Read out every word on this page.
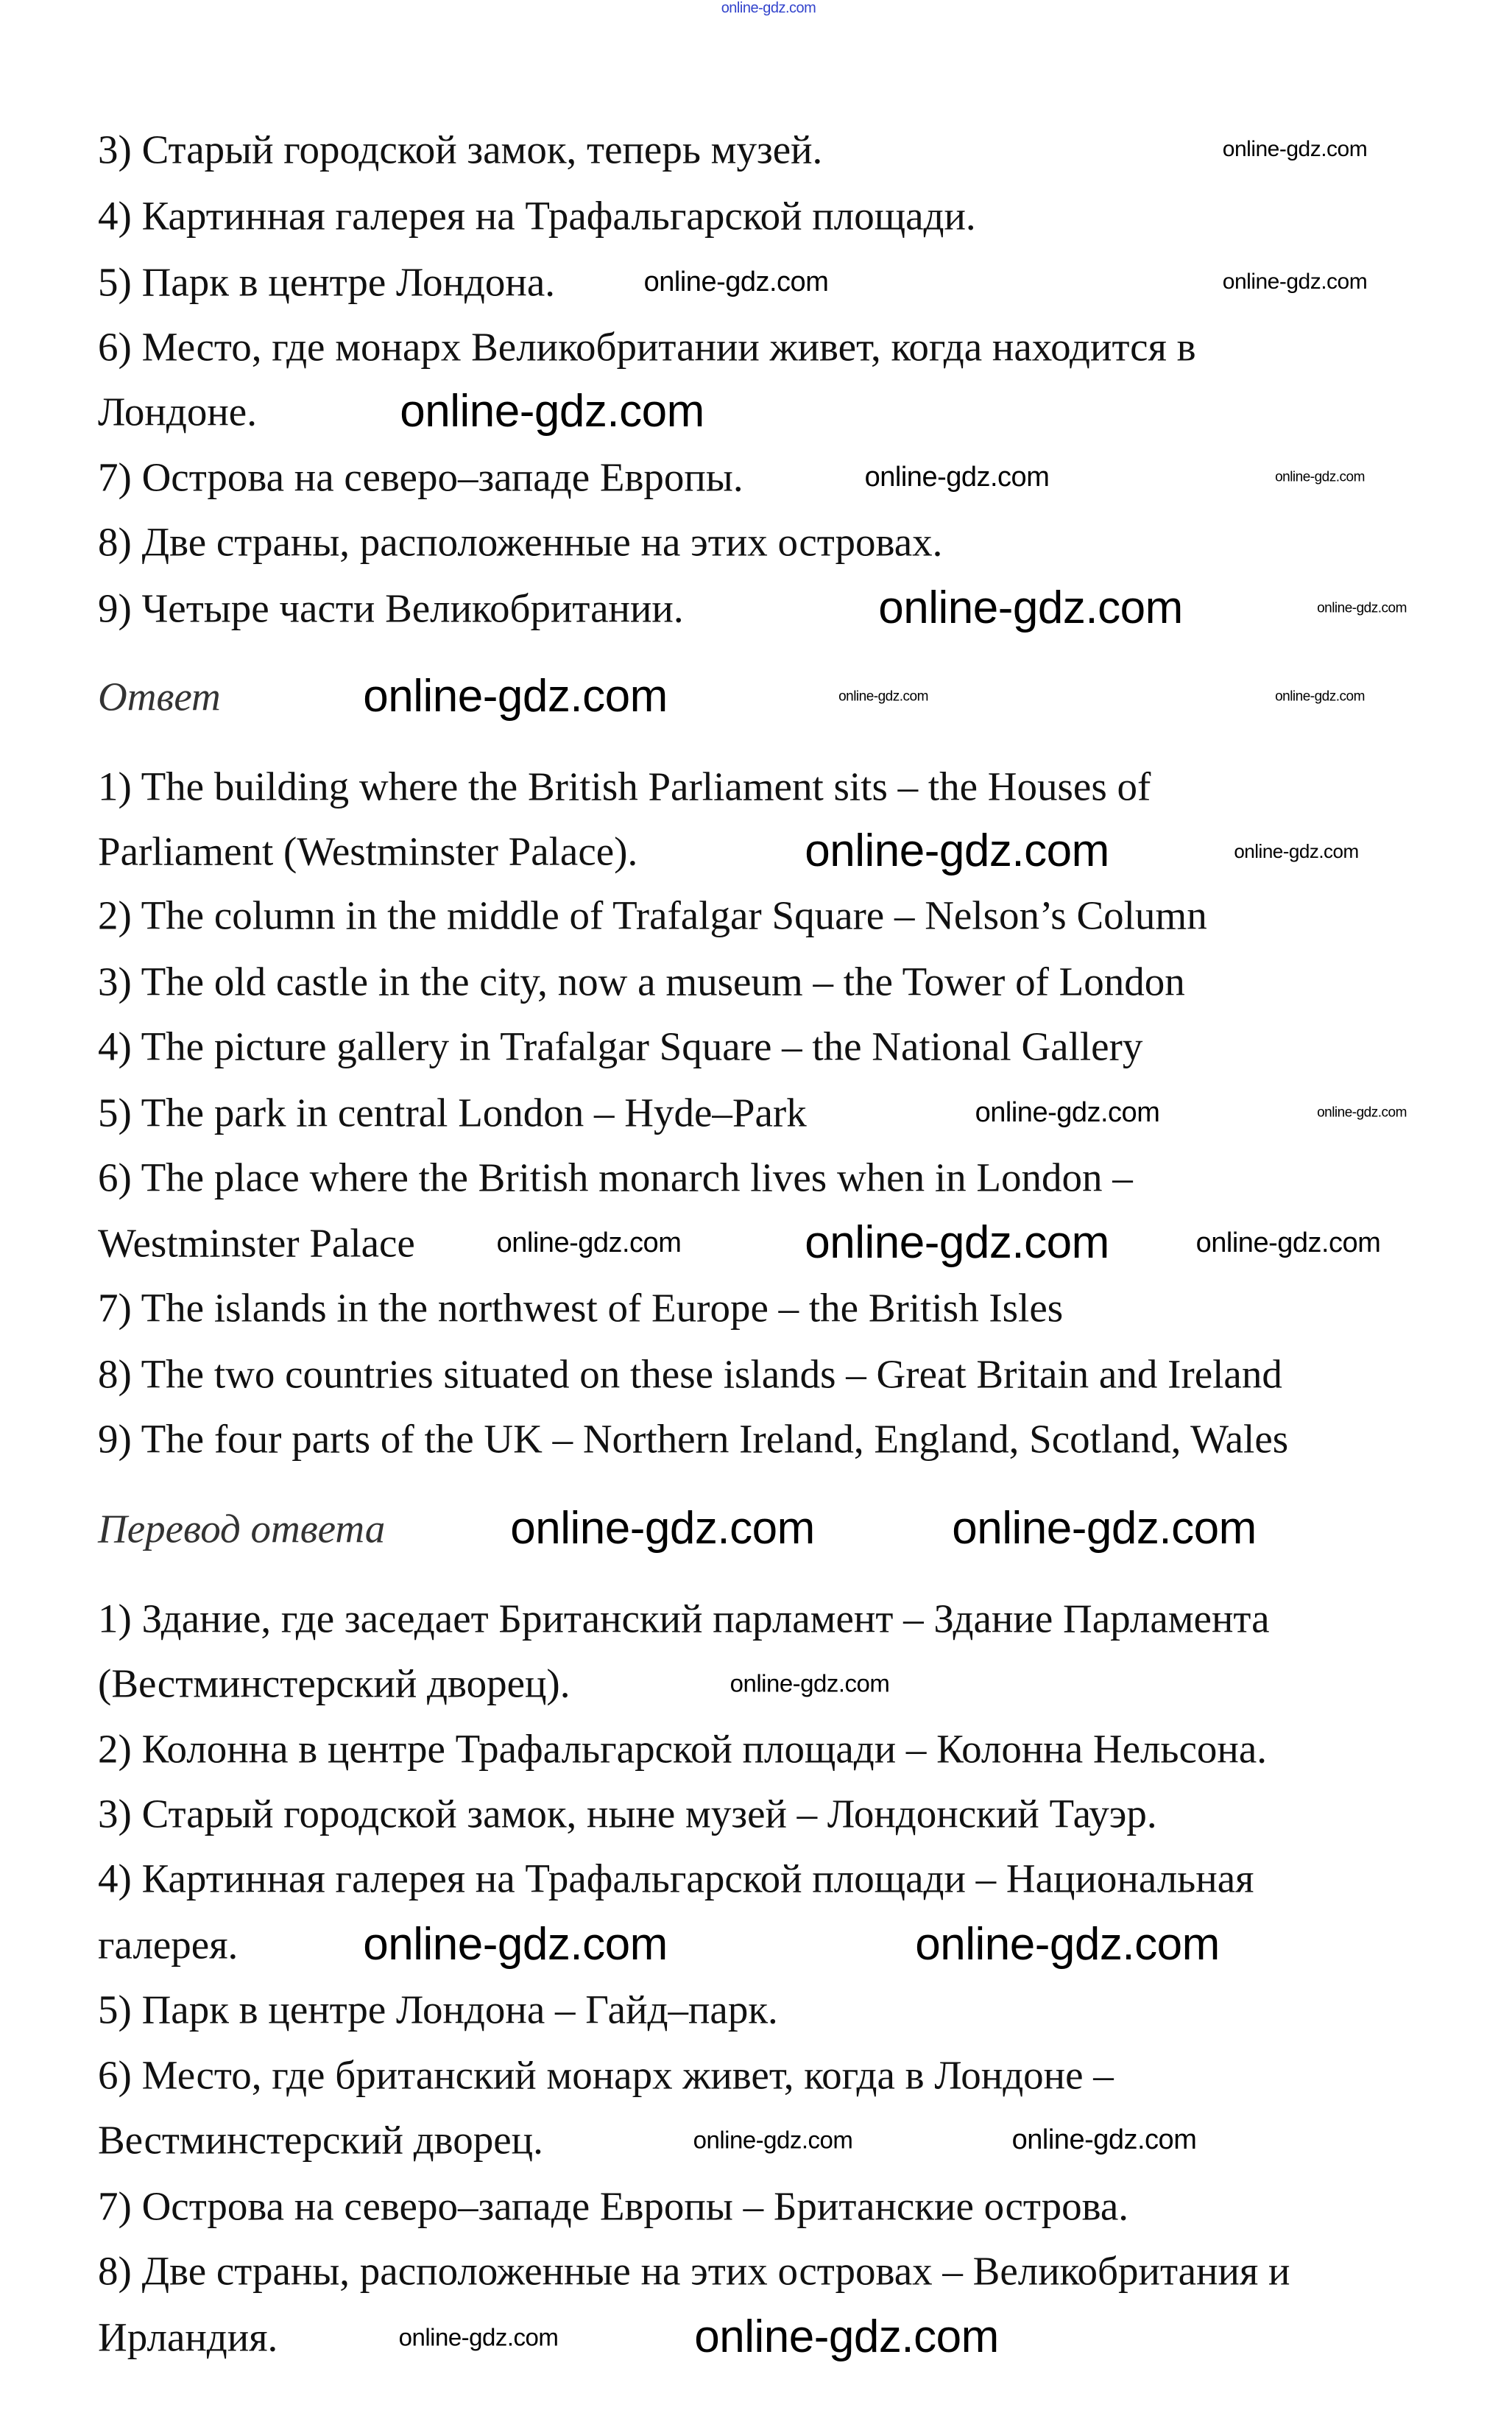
3) Старый городской замок, теперь музей.
4) Картинная галерея на Трафальгарской площади.
5) Парк в центре Лондона.
6) Место, где монарх Великобритании живет, когда находится в
Лондоне.
7) Острова на северо–западе Европы.
8) Две страны, расположенные на этих островах.
9) Четыре части Великобритании.
Ответ
1) The building where the British Parliament sits – the Houses of
Parliament (Westminster Palace).
2) The column in the middle of Trafalgar Square – Nelson’s Column
3) The old castle in the city, now a museum – the Tower of London
4) The picture gallery in Trafalgar Square – the National Gallery
5) The park in central London – Hyde–Park
6) The place where the British monarch lives when in London –
Westminster Palace
7) The islands in the northwest of Europe – the British Isles
8) The two countries situated on these islands – Great Britain and Ireland
9) The four parts of the UK – Northern Ireland, England, Scotland, Wales
Перевод ответа
1) Здание, где заседает Британский парламент – Здание Парламента
(Вестминстерский дворец).
2) Колонна в центре Трафальгарской площади – Колонна Нельсона.
3) Старый городской замок, ныне музей – Лондонский Тауэр.
4) Картинная галерея на Трафальгарской площади – Национальная
галерея.
5) Парк в центре Лондона – Гайд–парк.
6) Место, где британский монарх живет, когда в Лондоне –
Вестминстерский дворец.
7) Острова на северо–западе Европы – Британские острова.
8) Две страны, расположенные на этих островах – Великобритания и
Ирландия.
online-gdz.com
online-gdz.com
online-gdz.com	online-gdz.com
online-gdz.com
online-gdz.com	online-gdz.com
online-gdz.com	online-gdz.com
online-gdz.com	online-gdz.com	online-gdz.com
online-gdz.com	online-gdz.com
online-gdz.com	online-gdz.com
online-gdz.com	online-gdz.com	online-gdz.com
online-gdz.com	online-gdz.com
online-gdz.com
online-gdz.com	online-gdz.com
online-gdz.com	online-gdz.com
online-gdz.com	online-gdz.com
